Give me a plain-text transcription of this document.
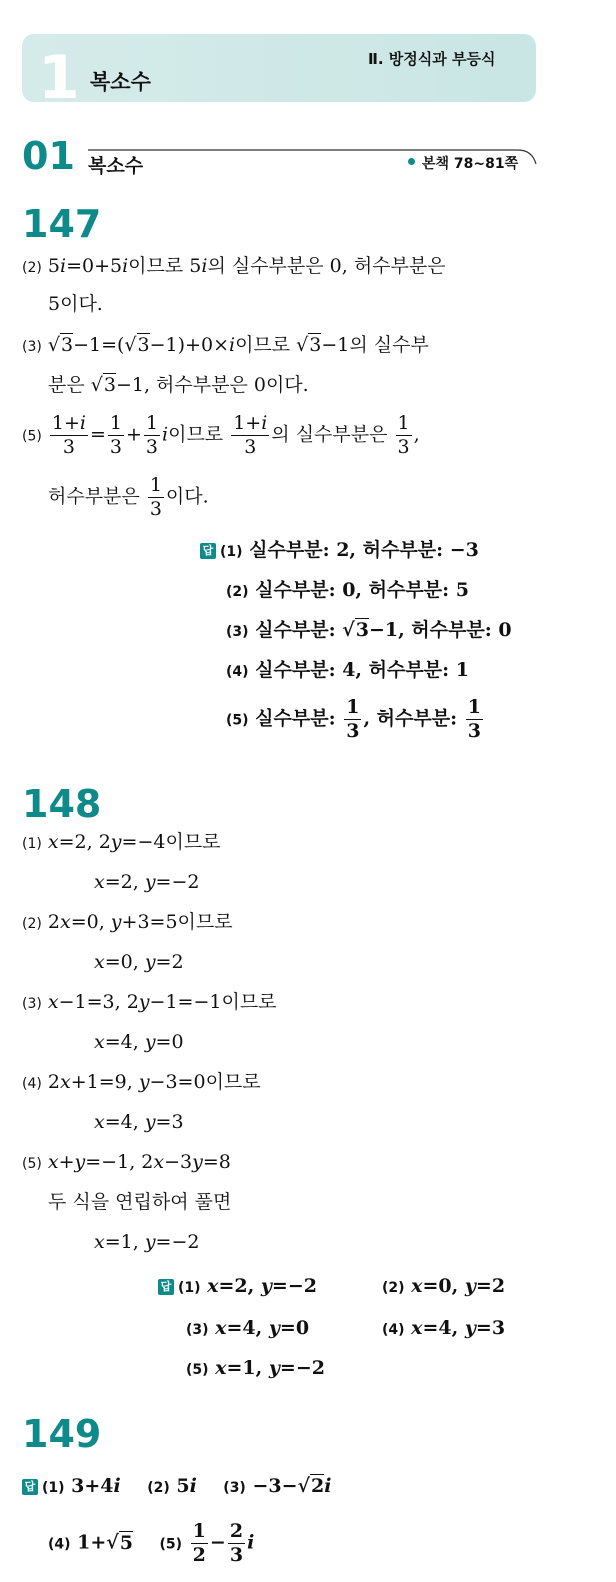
1 복소수
Ⅱ. 방정식과 부등식
01 복소수	본책 78~81쪽
147
(2) 5i=0+5i이므로 5i의 실수부분은 0, 허수부분은
5이다.
(3) √3−1=(√3−1)+0×i이므로 √3−1의 실수부
분은 √3−1, 허수부분은 0이다.
$(5) \frac{1+i}{3} = \frac{1}{3} + \frac{1}{3}$ i이므로 $\frac{1+i}{3}$ 의 실수부분은 $\frac{1}{3}$ ,
허수부분은 $\frac{1}{3}$ 이다.
답 (1) 실수부분: 2, 허수부분: −3
(2) 실수부분: 0, 허수부분: 5
(3) 실수부분: √3−1, 허수부분: 0
(4) 실수부분: 4, 허수부분: 1
(5) 실수부분: $\frac{1}{3}$ , 허수부분: $\frac{1}{3}$
148
(1) x=2, 2y=−4이므로
x=2, y=−2
(2) 2x=0, y+3=5이므로
x=0, y=2
(3) x−1=3, 2y−1=−1이므로
x=4, y=0
(4) 2x+1=9, y−3=0이므로
x=4, y=3
(5) x+y=−1, 2x−3y=8
두 식을 연립하여 풀면
x=1, y=−2
답 (1) x=2, y=−2	(2) x=0, y=2
(3) x=4, y=0	(4) x=4, y=3
(5) x=1, y=−2
149
답 (1) 3+4i (2) 5i (3) −3−√2i
(4) 1+√5 $(5) \frac{1}{2} - \frac{2}{3}$ i
